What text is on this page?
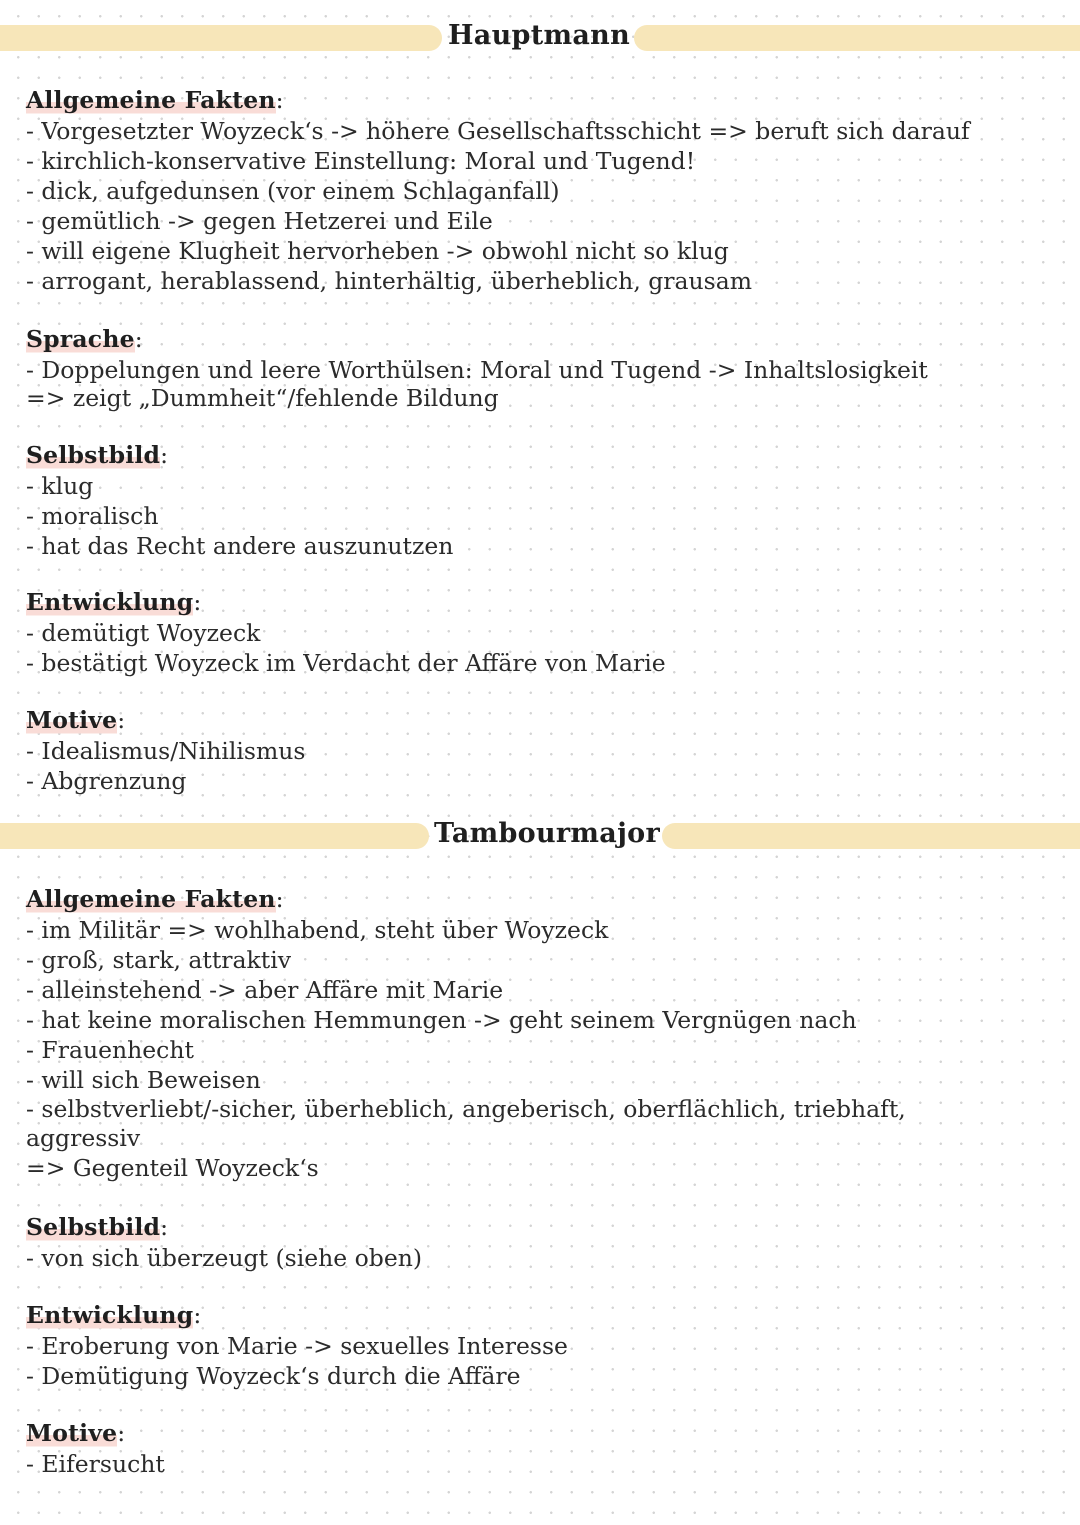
Hauptmann
Allgemeine Fakten:
- Vorgesetzter Woyzeck‘s -> höhere Gesellschaftsschicht => beruft sich darauf
- kirchlich-konservative Einstellung: Moral und Tugend!
- dick, aufgedunsen (vor einem Schlaganfall)
- gemütlich -> gegen Hetzerei und Eile
- will eigene Klugheit hervorheben -> obwohl nicht so klug
- arrogant, herablassend, hinterhältig, überheblich, grausam
Sprache:
- Doppelungen und leere Worthülsen: Moral und Tugend -> Inhaltslosigkeit
=> zeigt „Dummheit“/fehlende Bildung
Selbstbild:
- klug
- moralisch
- hat das Recht andere auszunutzen
Entwicklung:
- demütigt Woyzeck
- bestätigt Woyzeck im Verdacht der Affäre von Marie
Motive:
- Idealismus/Nihilismus
- Abgrenzung
Tambourmajor
Allgemeine Fakten:
- im Militär => wohlhabend, steht über Woyzeck
- groß, stark, attraktiv
- alleinstehend -> aber Affäre mit Marie
- hat keine moralischen Hemmungen -> geht seinem Vergnügen nach
- Frauenhecht
- will sich Beweisen
- selbstverliebt/-sicher, überheblich, angeberisch, oberflächlich, triebhaft, aggressiv
=> Gegenteil Woyzeck‘s
Selbstbild:
- von sich überzeugt (siehe oben)
Entwicklung:
- Eroberung von Marie -> sexuelles Interesse
- Demütigung Woyzeck‘s durch die Affäre
Motive:
- Eifersucht
